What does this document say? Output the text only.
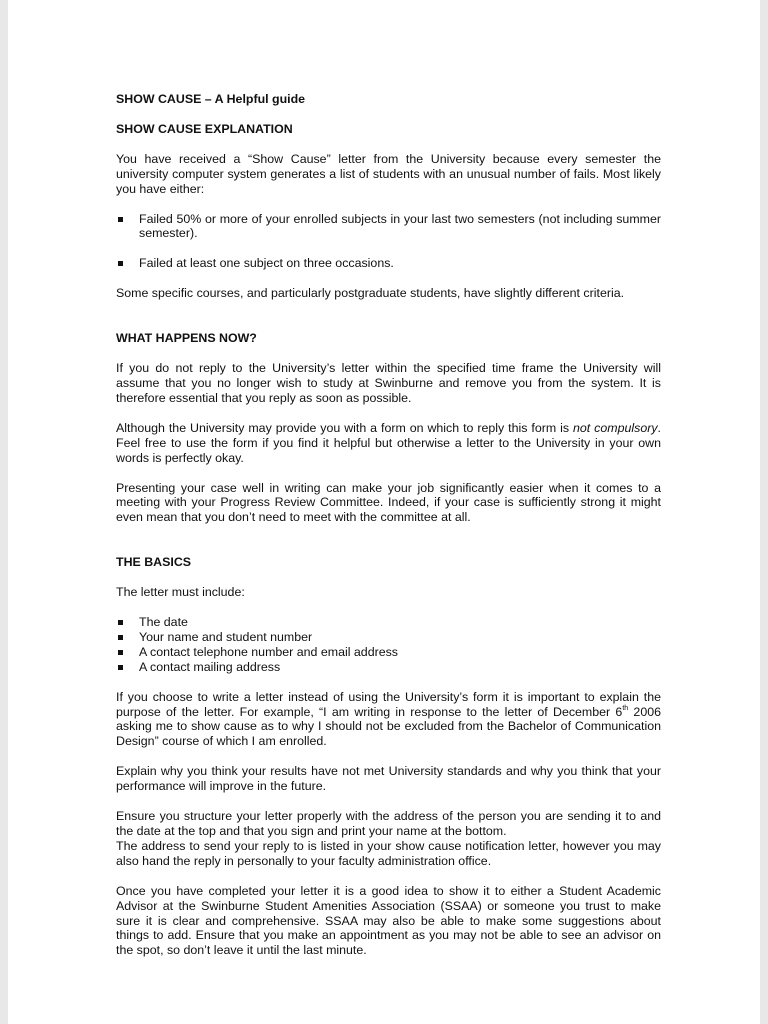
SHOW CAUSE – A Helpful guide

SHOW CAUSE EXPLANATION

You have received a “Show Cause” letter from the University because every semester the university computer system generates a list of students with an unusual number of fails. Most likely you have either:

Failed 50% or more of your enrolled subjects in your last two semesters (not including summer semester).
Failed at least one subject on three occasions.

Some specific courses, and particularly postgraduate students, have slightly different criteria.

WHAT HAPPENS NOW?

If you do not reply to the University’s letter within the specified time frame the University will assume that you no longer wish to study at Swinburne and remove you from the system. It is therefore essential that you reply as soon as possible.

Although the University may provide you with a form on which to reply this form is not compulsory. Feel free to use the form if you find it helpful but otherwise a letter to the University in your own words is perfectly okay.

Presenting your case well in writing can make your job significantly easier when it comes to a meeting with your Progress Review Committee. Indeed, if your case is sufficiently strong it might even mean that you don’t need to meet with the committee at all.

THE BASICS

The letter must include:

The date
Your name and student number
A contact telephone number and email address
A contact mailing address

If you choose to write a letter instead of using the University’s form it is important to explain the purpose of the letter. For example, “I am writing in response to the letter of December 6th 2006 asking me to show cause as to why I should not be excluded from the Bachelor of Communication Design” course of which I am enrolled.

Explain why you think your results have not met University standards and why you think that your performance will improve in the future.

Ensure you structure your letter properly with the address of the person you are sending it to and the date at the top and that you sign and print your name at the bottom.

The address to send your reply to is listed in your show cause notification letter, however you may also hand the reply in personally to your faculty administration office.

Once you have completed your letter it is a good idea to show it to either a Student Academic Advisor at the Swinburne Student Amenities Association (SSAA) or someone you trust to make sure it is clear and comprehensive. SSAA may also be able to make some suggestions about things to add. Ensure that you make an appointment as you may not be able to see an advisor on the spot, so don’t leave it until the last minute.
